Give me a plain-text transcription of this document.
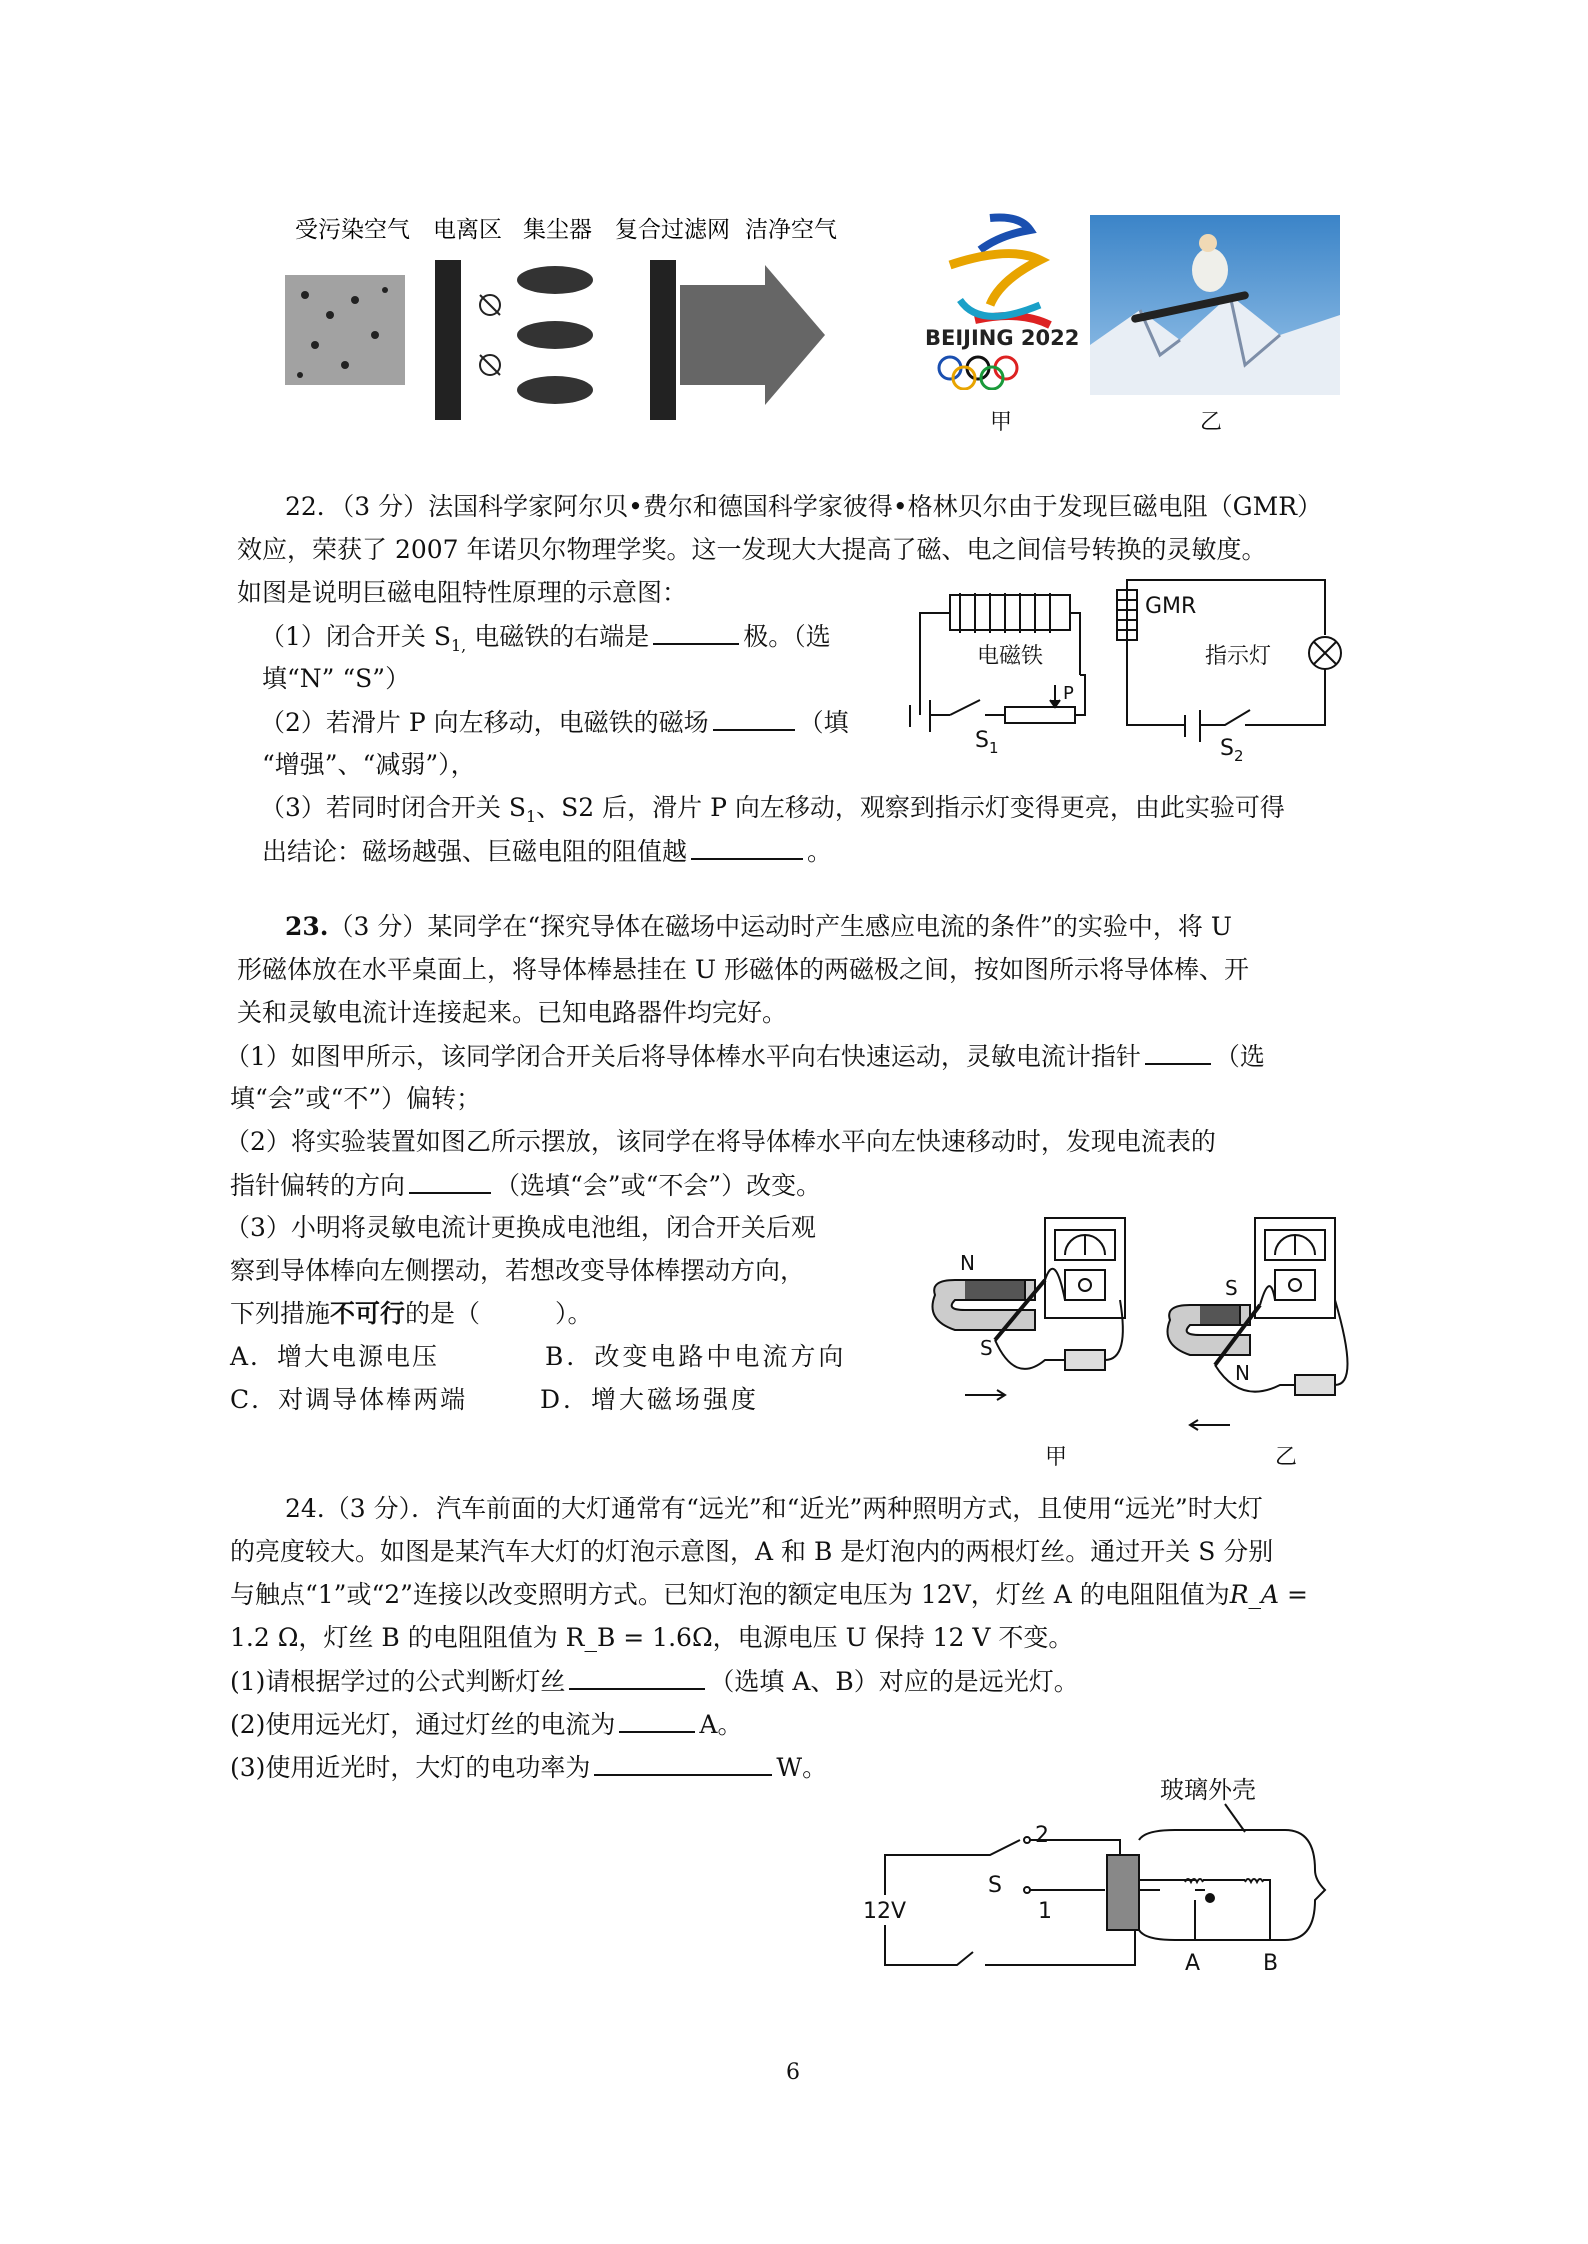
受污染空气 电离区 集尘器 复合过滤网 洁净空气
BEIJING 2022
甲	乙
22．（3 分）法国科学家阿尔贝•费尔和德国科学家彼得•格林贝尔由于发现巨磁电阻（GMR）
效应，荣获了 2007 年诺贝尔物理学奖。这一发现大大提高了磁、电之间信号转换的灵敏度。
如图是说明巨磁电阻特性原理的示意图：
（1）闭合开关 $S_{1,}$ 电磁铁的右端是	极。（选
填“N” “S”）
（2）若滑片 P 向左移动，电磁铁的磁场	（填
“增强”、“减弱”），
（3）若同时闭合开关 $S_1$、S2 后，滑片 P 向左移动，观察到指示灯变得更亮，由此实验可得
出结论：磁场越强、巨磁电阻的阻值越	。
电磁铁
$S_1$
P
GMR
指示灯
$S_2$
23.（3 分）某同学在“探究导体在磁场中运动时产生感应电流的条件”的实验中，将 U
形磁体放在水平桌面上，将导体棒悬挂在 U 形磁体的两磁极之间，按如图所示将导体棒、开
关和灵敏电流计连接起来。已知电路器件均完好。
（1）如图甲所示，该同学闭合开关后将导体棒水平向右快速运动，灵敏电流计指针	（选
填“会”或“不”）偏转；
（2）将实验装置如图乙所示摆放，该同学在将导体棒水平向左快速移动时，发现电流表的
指针偏转的方向	（选填“会”或“不会”）改变。
（3）小明将灵敏电流计更换成电池组，闭合开关后观
察到导体棒向左侧摆动，若想改变导体棒摆动方向，
下列措施不可行的是（　　　）。
A．增大电源电压	B．改变电路中电流方向
C．对调导体棒两端	D．增大磁场强度
N
S
甲
S
N
乙
24.（3 分）．汽车前面的大灯通常有“远光”和“近光”两种照明方式，且使用“远光”时大灯
的亮度较大。如图是某汽车大灯的灯泡示意图，A 和 B 是灯泡内的两根灯丝。通过开关 S 分别
与触点“1”或“2”连接以改变照明方式。已知灯泡的额定电压为 12V，灯丝 A 的电阻阻值为R_A =
1.2 Ω，灯丝 B 的电阻阻值为 R_B = 1.6Ω，电源电压 U 保持 12 V 不变。
(1)请根据学过的公式判断灯丝	（选填 A、B）对应的是远光灯。
(2)使用远光灯，通过灯丝的电流为	A。
(3)使用近光时，大灯的电功率为	W。
玻璃外壳
2
S
1
12V
A	B
6
